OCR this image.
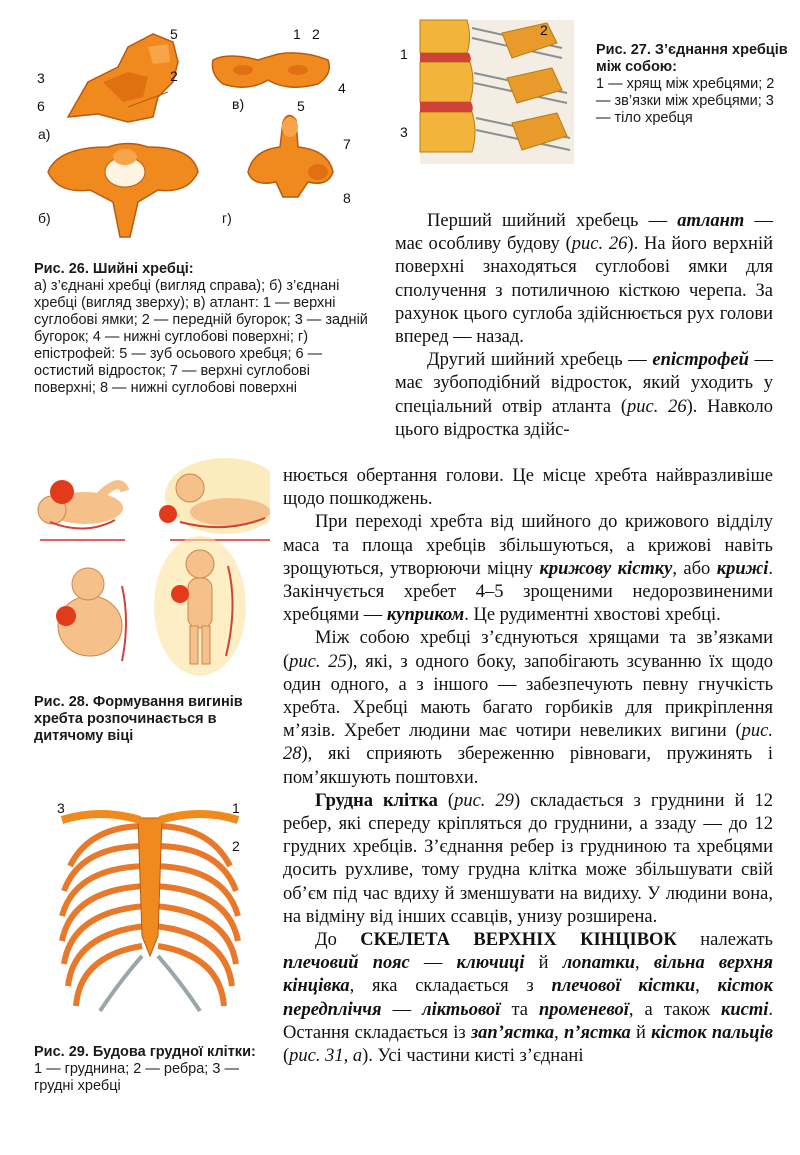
5
2
3
6
1 2
4
5
7
8
а)
б)
в)
г)
Рис. 26. Шийні хребці:
а) з’єднані хребці (вигляд справа); б) з’єднані хребці (вигляд зверху); в) атлант: 1 — верхні суглобові ямки; 2 — передній бугорок; 3 — задній бугорок; 4 — нижні суглобові поверхні; г) епістрофей: 5 — зуб осьового хребця; 6 — остистий відросток; 7 — верхні суглобові поверхні; 8 — нижні суглобові поверхні
1
2
3
Рис. 27. З’єднання хребців між собою:
1 — хрящ між хребцями; 2 — зв’язки між хребцями; 3 — тіло хребця
Рис. 28. Формування вигинів хребта розпочинається в дитячому віці
3	1
2
Рис. 29. Будова грудної клітки:
1 — груднина; 2 — ребра; 3 — грудні хребці

Перший шийний хребець — атлант — має особливу будову (рис. 26). На його верхній поверхні знаходяться суглобові ямки для сполучення з потиличною кісткою черепа. За рахунок цього суглоба здійснюється рух голови вперед — назад.

Другий шийний хребець — епістрофей — має зубоподібний відросток, який уходить у спеціальний отвір атланта (рис. 26). Навколо цього відростка здійс-

нюється обертання голови. Це місце хребта найвразливіше щодо пошкоджень.

При переході хребта від шийного до крижового відділу маса та площа хребців збільшуються, а крижові навіть зрощуються, утворюючи міцну крижову кістку, або крижі. Закінчується хребет 4–5 зрощеними недорозвиненими хребцями — куприком. Це рудиментні хвостові хребці.

Між собою хребці з’єднуються хрящами та зв’язками (рис. 25), які, з одного боку, запобігають зсуванню їх щодо один одного, а з іншого — забезпечують певну гнучкість хребта. Хребці мають багато горбиків для прикріплення м’язів. Хребет людини має чотири невеликих вигини (рис. 28), які сприяють збереженню рівноваги, пружинять і пом’якшують поштовхи.

Грудна клітка (рис. 29) складається з груднини й 12 ребер, які спереду кріпляться до груднини, а ззаду — до 12 грудних хребців. З’єднання ребер із грудниною та хребцями досить рухливе, тому грудна клітка може збільшувати свій об’єм під час вдиху й зменшувати на видиху. У людини вона, на відміну від інших ссавців, унизу розширена.

До СКЕЛЕТА ВЕРХНІХ КІНЦІВОК належать плечовий пояс — ключиці й лопатки, вільна верхня кінцівка, яка складається з плечової кістки, кісток передпліччя — ліктьової та променевої, а також кисті. Остання складається із зап’ястка, п’ястка й кісток пальців (рис. 31, а). Усі частини кисті з’єднані
